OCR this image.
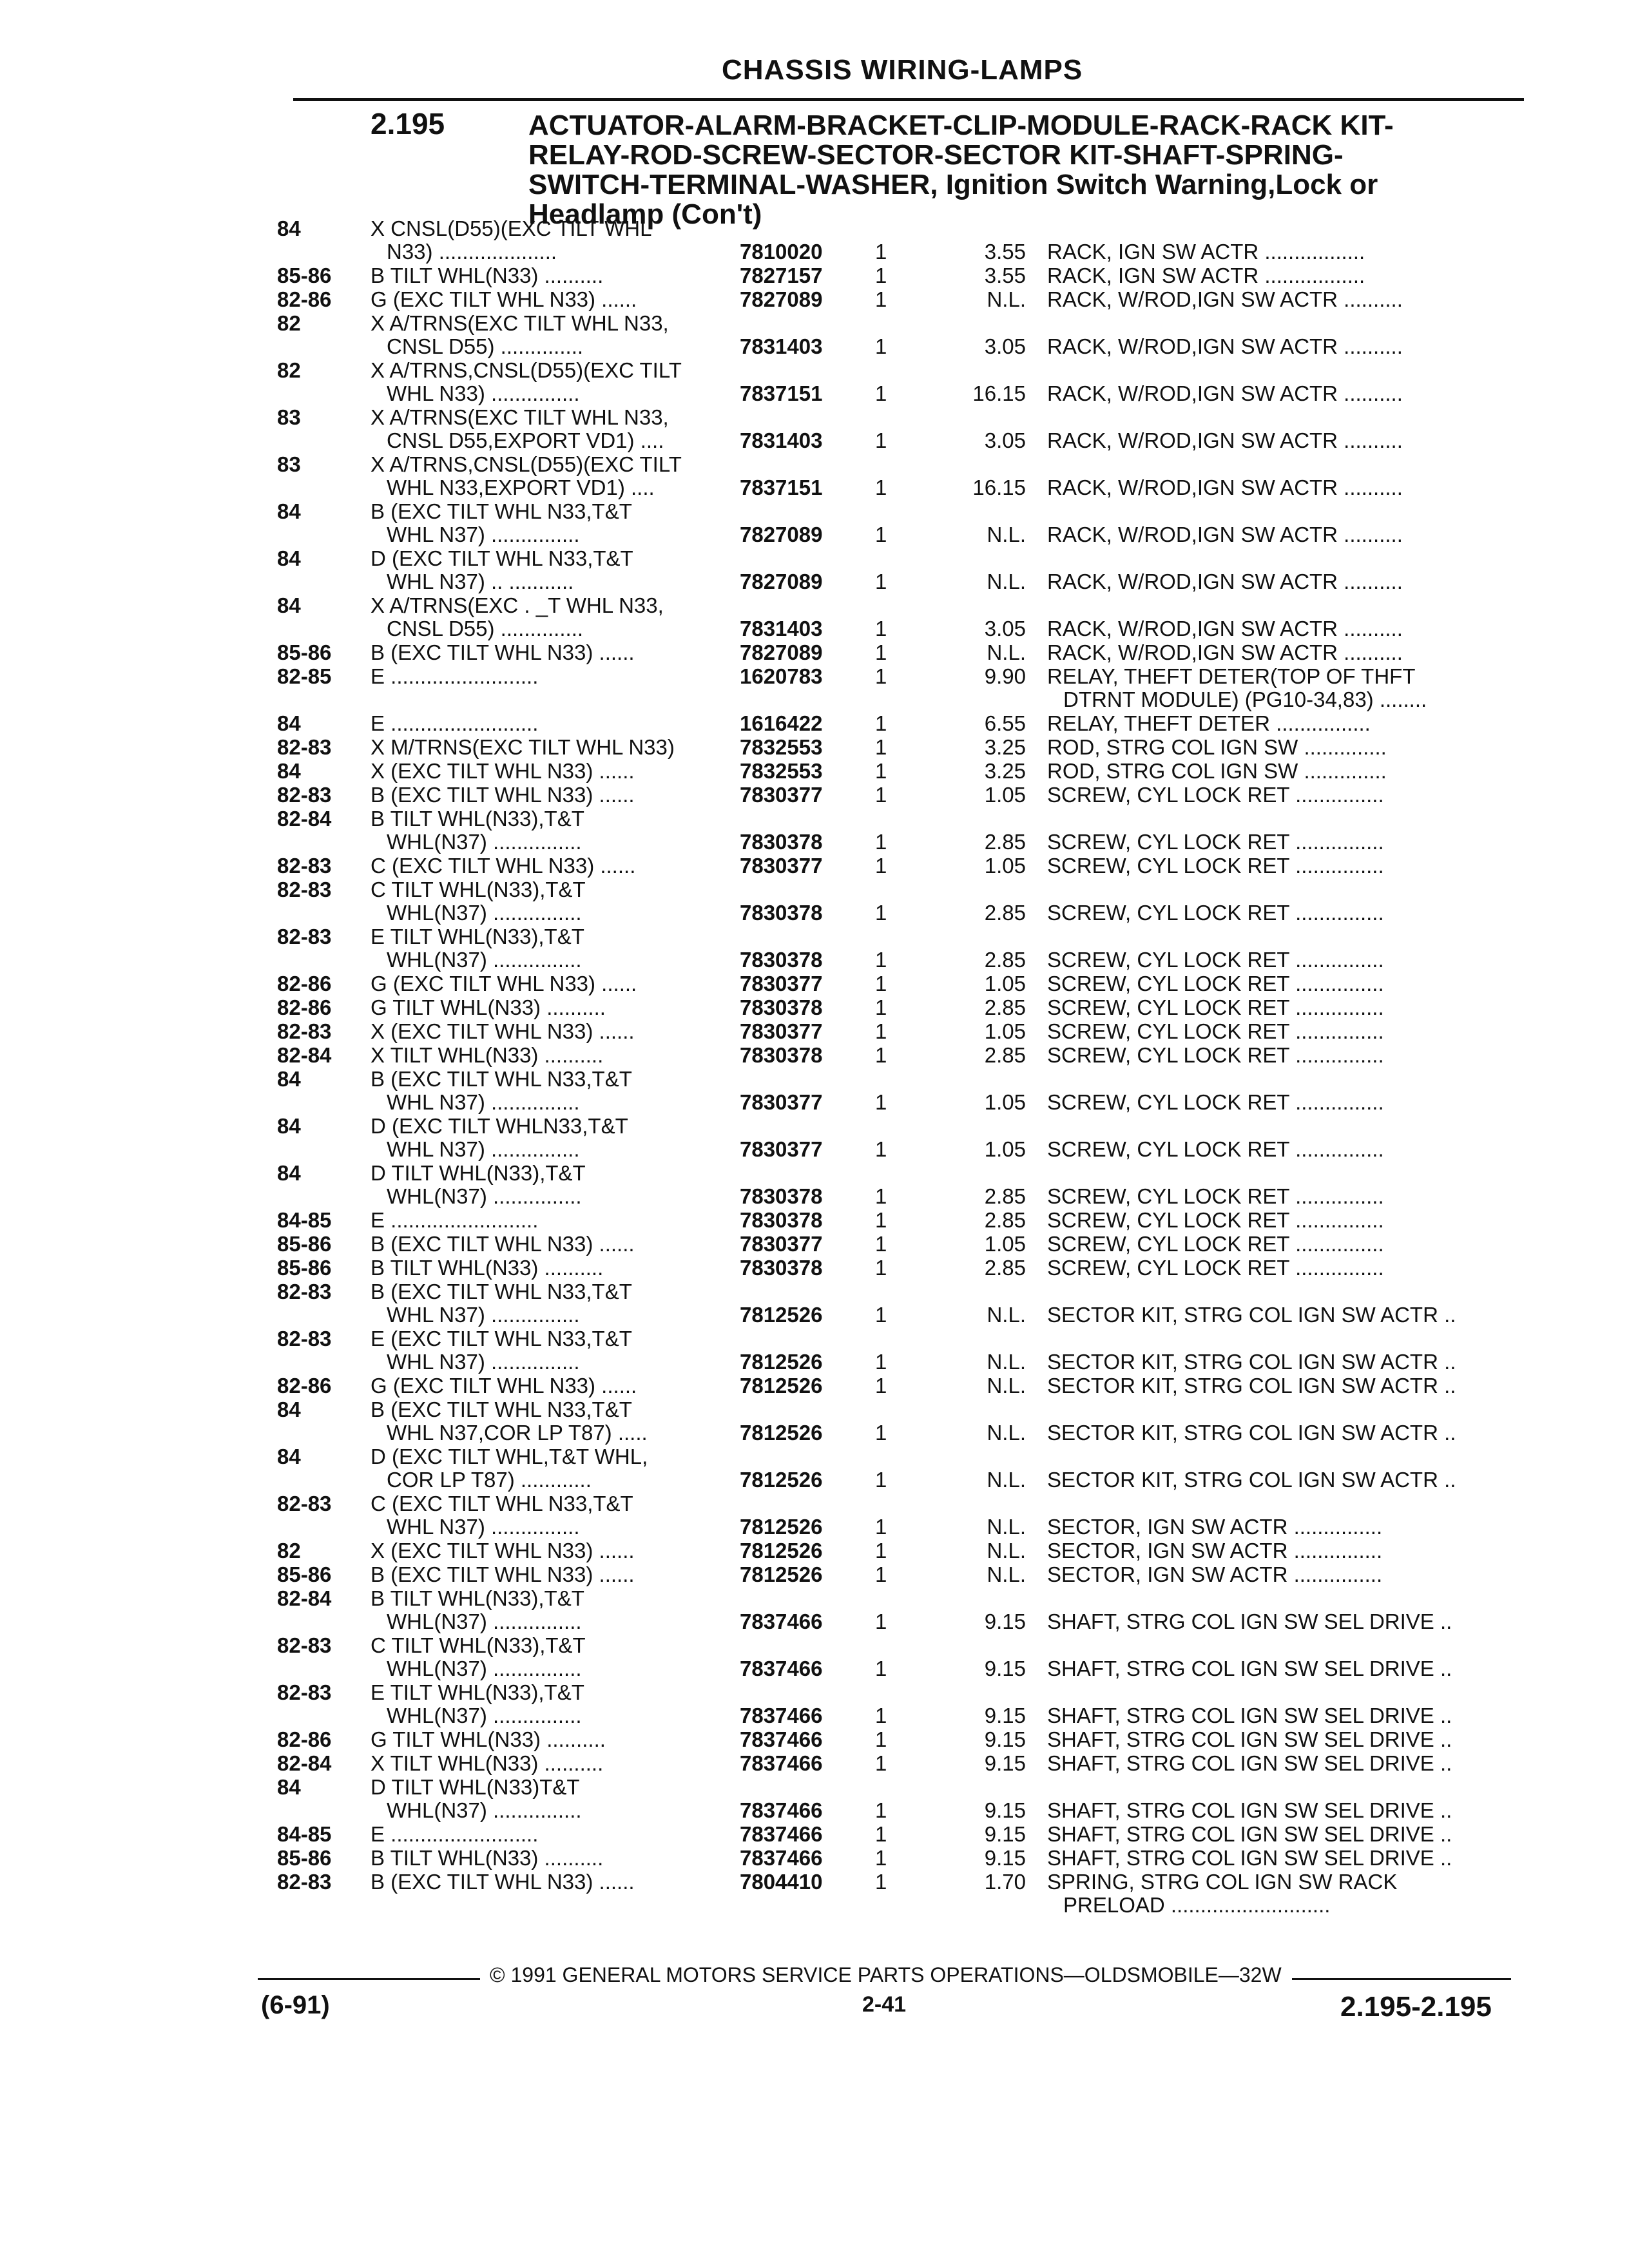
CHASSIS WIRING-LAMPS
2.195	ACTUATOR-ALARM-BRACKET-CLIP-MODULE-RACK-RACK KIT-
RELAY-ROD-SCREW-SECTOR-SECTOR KIT-SHAFT-SPRING-
SWITCH-TERMINAL-WASHER, Ignition Switch Warning,Lock or
Headlamp (Con't)
84	X CNSL(D55)(EXC TILT WHL
N33) ....................	7810020 1	3.55 RACK, IGN SW ACTR .................
85-86 B TILT WHL(N33) ..........	7827157 1	3.55 RACK, IGN SW ACTR .................
82-86 G (EXC TILT WHL N33) ......	7827089 1	N.L. RACK, W/ROD,IGN SW ACTR ..........
82	X A/TRNS(EXC TILT WHL N33,
CNSL D55) ..............	7831403 1	3.05 RACK, W/ROD,IGN SW ACTR ..........
82	X A/TRNS,CNSL(D55)(EXC TILT
WHL N33) ...............	7837151 1	16.15 RACK, W/ROD,IGN SW ACTR ..........
83	X A/TRNS(EXC TILT WHL N33,
CNSL D55,EXPORT VD1) ....	7831403 1	3.05 RACK, W/ROD,IGN SW ACTR ..........
83	X A/TRNS,CNSL(D55)(EXC TILT
WHL N33,EXPORT VD1) ....	7837151 1	16.15 RACK, W/ROD,IGN SW ACTR ..........
84	B (EXC TILT WHL N33,T&T
WHL N37) ...............	7827089 1	N.L. RACK, W/ROD,IGN SW ACTR ..........
84	D (EXC TILT WHL N33,T&T
WHL N37) .. ...........	7827089 1	N.L. RACK, W/ROD,IGN SW ACTR ..........
84	X A/TRNS(EXC . _T WHL N33,
CNSL D55) ..............	7831403 1	3.05 RACK, W/ROD,IGN SW ACTR ..........
85-86 B (EXC TILT WHL N33) ......	7827089 1	N.L. RACK, W/ROD,IGN SW ACTR ..........
82-85 E .........................	1620783 1	9.90 RELAY, THEFT DETER(TOP OF THFT
DTRNT MODULE) (PG10-34,83) ........
84	E .........................	1616422 1	6.55 RELAY, THEFT DETER ................
82-83 X M/TRNS(EXC TILT WHL N33)	7832553 1	3.25 ROD, STRG COL IGN SW ..............
84	X (EXC TILT WHL N33) ......	7832553 1	3.25 ROD, STRG COL IGN SW ..............
82-83 B (EXC TILT WHL N33) ......	7830377 1	1.05 SCREW, CYL LOCK RET ...............
82-84 B TILT WHL(N33),T&T
WHL(N37) ...............	7830378 1	2.85 SCREW, CYL LOCK RET ...............
82-83 C (EXC TILT WHL N33) ......	7830377 1	1.05 SCREW, CYL LOCK RET ...............
82-83 C TILT WHL(N33),T&T
WHL(N37) ...............	7830378 1	2.85 SCREW, CYL LOCK RET ...............
82-83 E TILT WHL(N33),T&T
WHL(N37) ...............	7830378 1	2.85 SCREW, CYL LOCK RET ...............
82-86 G (EXC TILT WHL N33) ......	7830377 1	1.05 SCREW, CYL LOCK RET ...............
82-86 G TILT WHL(N33) ..........	7830378 1	2.85 SCREW, CYL LOCK RET ...............
82-83 X (EXC TILT WHL N33) ......	7830377 1	1.05 SCREW, CYL LOCK RET ...............
82-84 X TILT WHL(N33) ..........	7830378 1	2.85 SCREW, CYL LOCK RET ...............
84	B (EXC TILT WHL N33,T&T
WHL N37) ...............	7830377 1	1.05 SCREW, CYL LOCK RET ...............
84	D (EXC TILT WHLN33,T&T
WHL N37) ...............	7830377 1	1.05 SCREW, CYL LOCK RET ...............
84	D TILT WHL(N33),T&T
WHL(N37) ...............	7830378 1	2.85 SCREW, CYL LOCK RET ...............
84-85 E .........................	7830378 1	2.85 SCREW, CYL LOCK RET ...............
85-86 B (EXC TILT WHL N33) ......	7830377 1	1.05 SCREW, CYL LOCK RET ...............
85-86 B TILT WHL(N33) ..........	7830378 1	2.85 SCREW, CYL LOCK RET ...............
82-83 B (EXC TILT WHL N33,T&T
WHL N37) ...............	7812526 1	N.L. SECTOR KIT, STRG COL IGN SW ACTR ..
82-83 E (EXC TILT WHL N33,T&T
WHL N37) ...............	7812526 1	N.L. SECTOR KIT, STRG COL IGN SW ACTR ..
82-86 G (EXC TILT WHL N33) ......	7812526 1	N.L. SECTOR KIT, STRG COL IGN SW ACTR ..
84	B (EXC TILT WHL N33,T&T
WHL N37,COR LP T87) .....	7812526 1	N.L. SECTOR KIT, STRG COL IGN SW ACTR ..
84	D (EXC TILT WHL,T&T WHL,
COR LP T87) ............	7812526 1	N.L. SECTOR KIT, STRG COL IGN SW ACTR ..
82-83 C (EXC TILT WHL N33,T&T
WHL N37) ...............	7812526 1	N.L. SECTOR, IGN SW ACTR ...............
82	X (EXC TILT WHL N33) ......	7812526 1	N.L. SECTOR, IGN SW ACTR ...............
85-86 B (EXC TILT WHL N33) ......	7812526 1	N.L. SECTOR, IGN SW ACTR ...............
82-84 B TILT WHL(N33),T&T
WHL(N37) ...............	7837466 1	9.15 SHAFT, STRG COL IGN SW SEL DRIVE ..
82-83 C TILT WHL(N33),T&T
WHL(N37) ...............	7837466 1	9.15 SHAFT, STRG COL IGN SW SEL DRIVE ..
82-83 E TILT WHL(N33),T&T
WHL(N37) ...............	7837466 1	9.15 SHAFT, STRG COL IGN SW SEL DRIVE ..
82-86 G TILT WHL(N33) ..........	7837466 1	9.15 SHAFT, STRG COL IGN SW SEL DRIVE ..
82-84 X TILT WHL(N33) ..........	7837466 1	9.15 SHAFT, STRG COL IGN SW SEL DRIVE ..
84	D TILT WHL(N33)T&T
WHL(N37) ...............	7837466 1	9.15 SHAFT, STRG COL IGN SW SEL DRIVE ..
84-85 E .........................	7837466 1	9.15 SHAFT, STRG COL IGN SW SEL DRIVE ..
85-86 B TILT WHL(N33) ..........	7837466 1	9.15 SHAFT, STRG COL IGN SW SEL DRIVE ..
82-83 B (EXC TILT WHL N33) ......	7804410 1	1.70 SPRING, STRG COL IGN SW RACK
PRELOAD ...........................
© 1991 GENERAL MOTORS SERVICE PARTS OPERATIONS—OLDSMOBILE—32W
(6-91)	2-41	2.195-2.195
